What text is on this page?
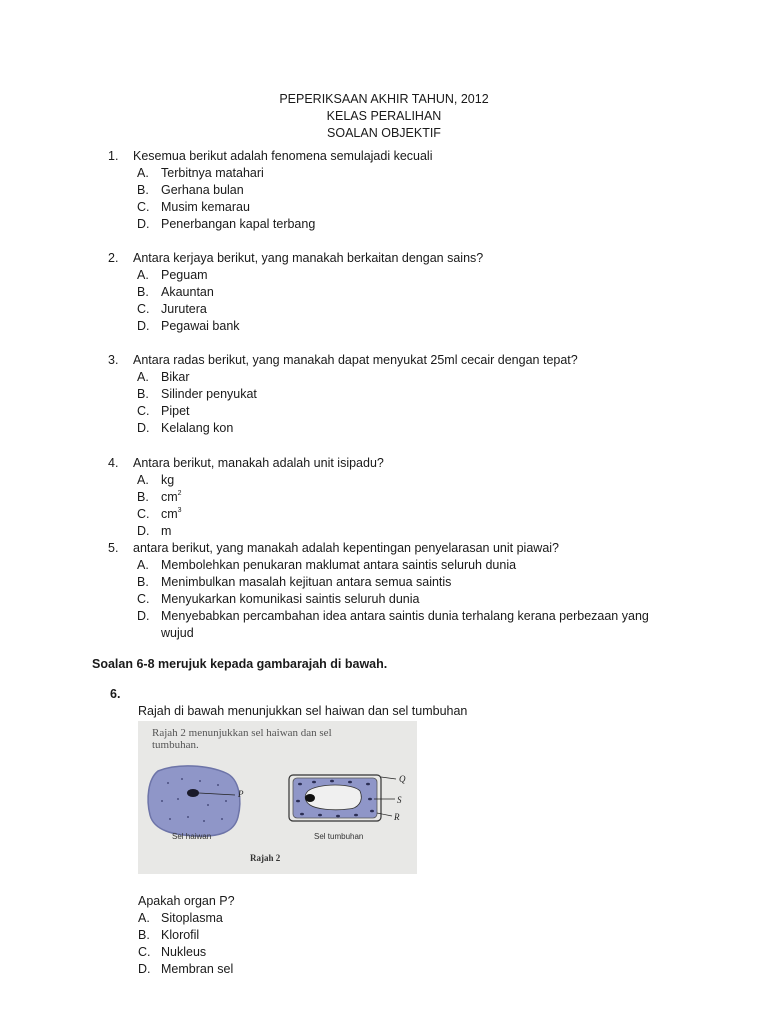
PEPERIKSAAN AKHIR TAHUN, 2012
KELAS PERALIHAN
SOALAN OBJEKTIF
1. Kesemua berikut adalah fenomena semulajadi kecuali
A. Terbitnya matahari
B. Gerhana bulan
C. Musim kemarau
D. Penerbangan kapal terbang
2. Antara kerjaya berikut, yang manakah berkaitan dengan sains?
A. Peguam
B. Akauntan
C. Jurutera
D. Pegawai bank
3. Antara radas berikut, yang manakah dapat menyukat 25ml cecair dengan tepat?
A. Bikar
B. Silinder penyukat
C. Pipet
D. Kelalang kon
4. Antara berikut, manakah adalah unit isipadu?
A. kg
B. $cm^2$
C. $cm^3$
D. m
5. antara berikut, yang manakah adalah kepentingan penyelarasan unit piawai?
A. Membolehkan penukaran maklumat antara saintis seluruh dunia
B. Menimbulkan masalah kejituan antara semua saintis
C. Menyukarkan komunikasi saintis seluruh dunia
D. Menyebabkan percambahan idea antara saintis dunia terhalang kerana perbezaan yang wujud
Soalan 6-8 merujuk kepada gambarajah di bawah.
6.
Rajah di bawah menunjukkan sel haiwan dan sel tumbuhan
Rajah 2 menunjukkan sel haiwan dan sel
tumbuhan.
P
Q
S
R
Sel haiwan	Sel tumbuhan
Rajah 2
Apakah organ P?
A. Sitoplasma
B. Klorofil
C. Nukleus
D. Membran sel
